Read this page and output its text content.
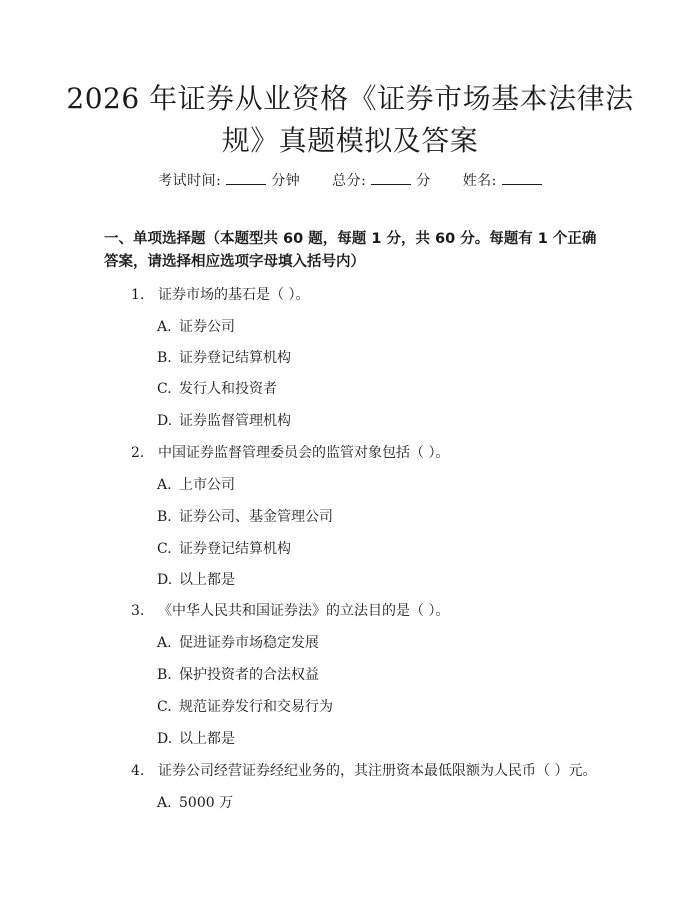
2026 年证券从业资格《证券市场基本法律法
规》真题模拟及答案
考试时间:	分钟 总分:	分 姓名:
一、单项选择题（本题型共 60 题，每题 1 分，共 60 分。每题有 1 个正确答案，请选择相应选项字母填入括号内）
1. 证券市场的基石是（ ）。
A. 证券公司
B. 证券登记结算机构
C. 发行人和投资者
D. 证券监督管理机构
2. 中国证券监督管理委员会的监管对象包括（ ）。
A. 上市公司
B. 证券公司、基金管理公司
C. 证券登记结算机构
D. 以上都是
3. 《中华人民共和国证券法》的立法目的是（ ）。
A. 促进证券市场稳定发展
B. 保护投资者的合法权益
C. 规范证券发行和交易行为
D. 以上都是
4. 证券公司经营证券经纪业务的，其注册资本最低限额为人民币（ ）元。
A. 5000 万
